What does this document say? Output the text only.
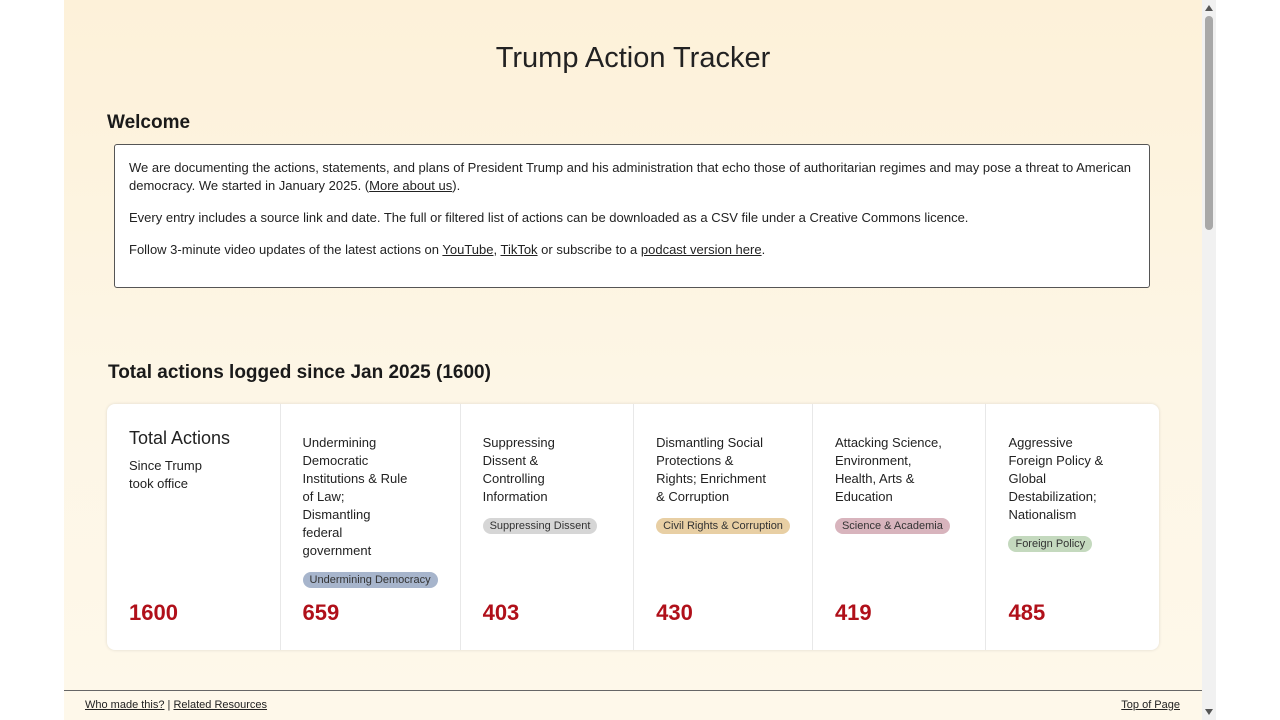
Trump Action Tracker
Welcome

We are documenting the actions, statements, and plans of President Trump and his administration that echo those of authoritarian regimes and may pose a threat to American democracy. We started in January 2025. (More about us).

Every entry includes a source link and date. The full or filtered list of actions can be downloaded as a CSV file under a Creative Commons licence.

Follow 3-minute video updates of the latest actions on YouTube, TikTok or subscribe to a podcast version here.

Total actions logged since Jan 2025 (1600)
Total Actions
Since Trump took office
1600
Undermining Democratic Institutions & Rule of Law; Dismantling federal government
Undermining Democracy
659
Suppressing Dissent & Controlling Information
Suppressing Dissent
403
Dismantling Social Protections & Rights; Enrichment & Corruption
Civil Rights & Corruption
430
Attacking Science, Environment, Health, Arts & Education
Science & Academia
419
Aggressive Foreign Policy & Global Destabilization; Nationalism
Foreign Policy
485
Who made this? | Related Resources	Top of Page
